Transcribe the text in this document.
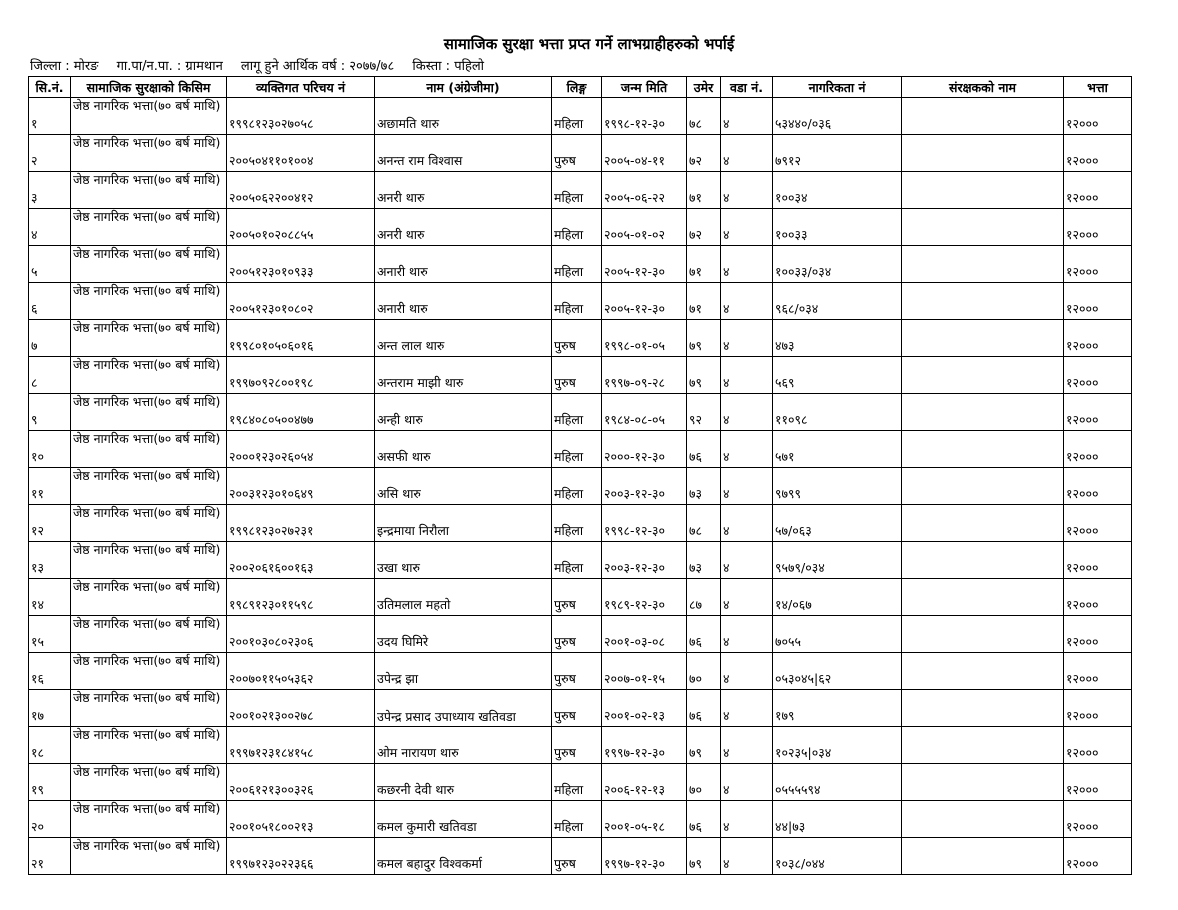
सामाजिक सुरक्षा भत्ता प्रप्त गर्ने लाभग्राहीहरुको भर्पाई
जिल्ला : मोरङ गा.पा/न.पा. : ग्रामथान लागू हुने आर्थिक वर्ष : २०७७/७८ किस्ता : पहिलो
सि.नं.	सामाजिक सुरक्षाको किसिम	व्यक्तिगत परिचय नं	नाम (अंग्रेजीमा)	लिङ्ग	जन्म मिति	उमेर	वडा नं.	नागरिकता नं	संरक्षकको नाम	भत्ता
१	जेष्ठ नागरिक भत्ता(७० बर्ष माथि)	१९९८१२३०२७०५८	अछामति थारु	महिला	१९९८-१२-३०	७८	४	५३४४०/०३६		१२०००
२	जेष्ठ नागरिक भत्ता(७० बर्ष माथि)	२००५०४११०१००४	अनन्त राम विश्वास	पुरुष	२००५-०४-११	७२	४	७९१२		१२०००
३	जेष्ठ नागरिक भत्ता(७० बर्ष माथि)	२००५०६२२००४१२	अनरी थारु	महिला	२००५-०६-२२	७१	४	१००३४		१२०००
४	जेष्ठ नागरिक भत्ता(७० बर्ष माथि)	२००५०१०२०८८५५	अनरी थारु	महिला	२००५-०१-०२	७२	४	१००३३		१२०००
५	जेष्ठ नागरिक भत्ता(७० बर्ष माथि)	२००५१२३०१०९३३	अनारी थारु	महिला	२००५-१२-३०	७१	४	१००३३/०३४		१२०००
६	जेष्ठ नागरिक भत्ता(७० बर्ष माथि)	२००५१२३०१०८०२	अनारी थारु	महिला	२००५-१२-३०	७१	४	९६८/०३४		१२०००
७	जेष्ठ नागरिक भत्ता(७० बर्ष माथि)	१९९८०१०५०६०१६	अन्त लाल थारु	पुरुष	१९९८-०१-०५	७९	४	४७३		१२०००
८	जेष्ठ नागरिक भत्ता(७० बर्ष माथि)	१९९७०९२८००१९८	अन्तराम माझी थारु	पुरुष	१९९७-०९-२८	७९	४	५६९		१२०००
९	जेष्ठ नागरिक भत्ता(७० बर्ष माथि)	१९८४०८०५००४७७	अन्ही थारु	महिला	१९८४-०८-०५	९२	४	११०९८		१२०००
१०	जेष्ठ नागरिक भत्ता(७० बर्ष माथि)	२०००१२३०२६०५४	असफी थारु	महिला	२०००-१२-३०	७६	४	५७१		१२०००
११	जेष्ठ नागरिक भत्ता(७० बर्ष माथि)	२००३१२३०१०६४९	असि थारु	महिला	२००३-१२-३०	७३	४	९७९९		१२०००
१२	जेष्ठ नागरिक भत्ता(७० बर्ष माथि)	१९९८१२३०२७२३१	इन्द्रमाया निरौला	महिला	१९९८-१२-३०	७८	४	५७/०६३		१२०००
१३	जेष्ठ नागरिक भत्ता(७० बर्ष माथि)	२००२०६१६००१६३	उखा थारु	महिला	२००३-१२-३०	७३	४	९५७९/०३४		१२०००
१४	जेष्ठ नागरिक भत्ता(७० बर्ष माथि)	१९८९१२३०११५९८	उतिमलाल महतो	पुरुष	१९८९-१२-३०	८७	४	१४/०६७		१२०००
१५	जेष्ठ नागरिक भत्ता(७० बर्ष माथि)	२००१०३०८०२३०६	उदय घिमिरे	पुरुष	२००१-०३-०८	७६	४	७०५५		१२०००
१६	जेष्ठ नागरिक भत्ता(७० बर्ष माथि)	२००७०११५०५३६२	उपेन्द्र झा	पुरुष	२००७-०१-१५	७०	४	०५३०४५|६२		१२०००
१७	जेष्ठ नागरिक भत्ता(७० बर्ष माथि)	२००१०२१३००२७८	उपेन्द्र प्रसाद उपाध्याय खतिवडा	पुरुष	२००१-०२-१३	७६	४	१७९		१२०००
१८	जेष्ठ नागरिक भत्ता(७० बर्ष माथि)	१९९७१२३१८४१५८	ओम नारायण थारु	पुरुष	१९९७-१२-३०	७९	४	१०२३५|०३४		१२०००
१९	जेष्ठ नागरिक भत्ता(७० बर्ष माथि)	२००६१२१३००३२६	कछरनी देवी थारु	महिला	२००६-१२-१३	७०	४	०५५५५९४		१२०००
२०	जेष्ठ नागरिक भत्ता(७० बर्ष माथि)	२००१०५१८००२१३	कमल कुमारी खतिवडा	महिला	२००१-०५-१८	७६	४	४४|७३		१२०००
२१	जेष्ठ नागरिक भत्ता(७० बर्ष माथि)	१९९७१२३०२२३६६	कमल बहादुर विश्वकर्मा	पुरुष	१९९७-१२-३०	७९	४	१०३८/०४४		१२०००
